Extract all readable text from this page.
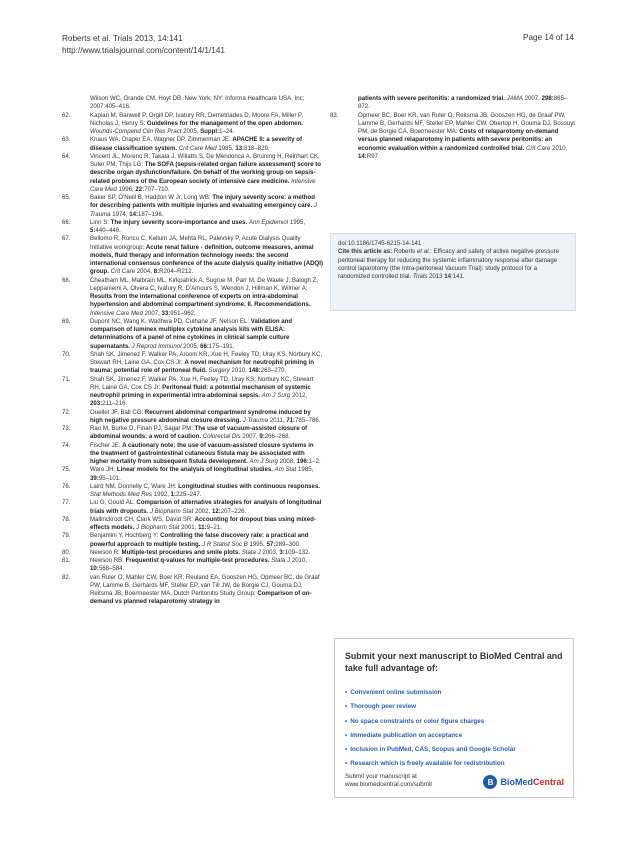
Roberts et al. Trials 2013, 14:141
http://www.trialsjournal.com/content/14/1/141
Page 14 of 14

Wilson WC, Grande CM, Hoyt DB. New York, NY: Informa Healthcare USA, Inc; 2007:405–416.

62.	Kaplan M, Banwell P, Orgill DP, Ivatury RR, Demetriades D, Moore FA, Miller P, Nicholas J, Henry S: Guidelines for the management of the open abdomen. Wounds-Compend Clin Res Pract 2005, Suppl:1–24.

63.	Knaus WA, Draper EA, Wagner DP, Zimmerman JE: APACHE II: a severity of disease classification system. Crit Care Med 1985, 13:818–829.

64.	Vincent JL, Moreno R, Takala J, Willatts S, De Mendonca A, Bruining H, Reinhart CK, Suter PM, Thijs LG: The SOFA (sepsis-related organ failure assessment) score to describe organ dysfunction/failure. On behalf of the working group on sepsis-related problems of the European society of intensive care medicine. Intensive Care Med 1996, 22:707–710.

65.	Baker SP, O'Neill B, Haddon W Jr, Long WB: The injury severity score: a method for describing patients with multiple injuries and evaluating emergency care. J Trauma 1974, 14:187–196.

66.	Linn S: The injury severity score-importance and uses. Ann Epidemiol 1995, 5:440–446.

67.	Bellomo R, Ronco C, Kellum JA, Mehta RL, Palevsky P, Acute Dialysis Quality Initiative workgroup: Acute renal failure - definition, outcome measures, animal models, fluid therapy and information technology needs: the second international consensus conference of the acute dialysis quality initiative (ADQI) group. Crit Care 2004, 8:R204–R212.

68.	Cheatham ML, Malbrain ML, Kirkpatrick A, Sugrue M, Parr M, De Waele J, Balogh Z, Leppaniemi A, Olvera C, Ivatury R, D'Amours S, Wendon J, Hillman K, Wilmer A: Results from the international conference of experts on intra-abdominal hypertension and abdominal compartment syndrome. II. Recommendations. Intensive Care Med 2007, 33:951–962.

69.	Dupont NC, Wang K, Wadhwa PD, Culhane JF, Nelson EL: Validation and comparison of luminex multiplex cytokine analysis kits with ELISA: determinations of a panel of nine cytokines in clinical sample culture supernatants. J Reprod Immunol 2005, 66:175–191.

70.	Shah SK, Jimenez F, Walker PA, Aroom KR, Xue H, Feeley TD, Uray KS, Norbury KC, Stewart RH, Laine GA, Cox CS Jr: A novel mechanism for neutrophil priming in trauma: potential role of peritoneal fluid. Surgery 2010, 148:263–270.

71.	Shah SK, Jimenez F, Walker PA, Xue H, Feeley TD, Uray KS, Norbury KC, Stewart RH, Laine GA, Cox CS Jr: Peritoneal fluid: a potential mechanism of systemic neutrophil priming in experimental intra-abdominal sepsis. Am J Surg 2012, 203:211–216.

72.	Ouellet JF, Ball CG: Recurrent abdominal compartment syndrome induced by high negative pressure abdominal closure dressing. J Trauma 2011, 71:785–786.

73.	Rao M, Burke D, Finan PJ, Sagar PM: The use of vacuum-assisted closure of abdominal wounds: a word of caution. Colorectal Dis 2007, 9:266–268.

74.	Fischer JE: A cautionary note: the use of vacuum-assisted closure systems in the treatment of gastrointestinal cutaneous fistula may be associated with higher mortality from subsequent fistula development. Am J Surg 2008, 196:1–2.

75.	Ware JH: Linear models for the analysis of longitudinal studies. Am Stat 1985, 39:95–101.

76.	Laird NM, Donnelly C, Ware JH: Longitudinal studies with continuous responses. Stat Methods Med Res 1992, 1:225–247.

77.	Liu G, Gould AL: Comparison of alternative strategies for analysis of longitudinal trials with dropouts. J Biopharm Stat 2002, 12:207–226.

78.	Mallinckrodt CH, Clark WS, David SR: Accounting for dropout bias using mixed-effects models. J Biopharm Stat 2001, 11:9–21.

79.	Benjamini Y, Hochberg Y: Controlling the false discovery rate: a practical and powerful approach to multiple testing. J R Statist Soc B 1995, 57:289–300.

80.	Newson R: Multiple-test procedures and smile plots. Stata J 2003, 3:109–132.

81.	Newson RB: Frequentist q-values for multiple-test procedures. Stata J 2010, 10:568–584.

82.	van Ruler O, Mahler CW, Boer KR, Reuland EA, Gooszen HG, Opmeer BC, de Graaf PW, Lamme B, Gerhards MF, Steller EP, van Till JW, de Borgie CJ, Gouma DJ, Reitsma JB, Boermeester MA, Dutch Peritonitis Study Group: Comparison of on-demand vs planned relaparotomy strategy in

patients with severe peritonitis: a randomized trial. JAMA 2007, 298:865–872.

83.	Opmeer BC, Boer KR, van Ruler O, Reitsma JB, Gooszen HG, de Graaf PW, Lamme B, Gerhards MF, Steller EP, Mahler CW, Obertop H, Gouma DJ, Bossuyt PM, de Borgie CA, Boermeester MA: Costs of relaparotomy on-demand versus planned relaparotomy in patients with severe peritonitis: an economic evaluation within a randomized controlled trial. Crit Care 2010, 14:R97.

doi:10.1186/1745-6215-14-141
Cite this article as: Roberts et al.: Efficacy and safety of active negative pressure peritoneal therapy for reducing the systemic inflammatory response after damage control laparotomy (the Intra-peritoneal Vacuum Trial): study protocol for a randomized controlled trial. Trials 2013 14:141.
Submit your next manuscript to BioMed Central and take full advantage of:
• Convenient online submission
• Thorough peer review
• No space constraints or color figure charges
• Immediate publication on acceptance
• Inclusion in PubMed, CAS, Scopus and Google Scholar
• Research which is freely available for redistribution
Submit your manuscript at
www.biomedcentral.com/submit	B BioMedCentral
